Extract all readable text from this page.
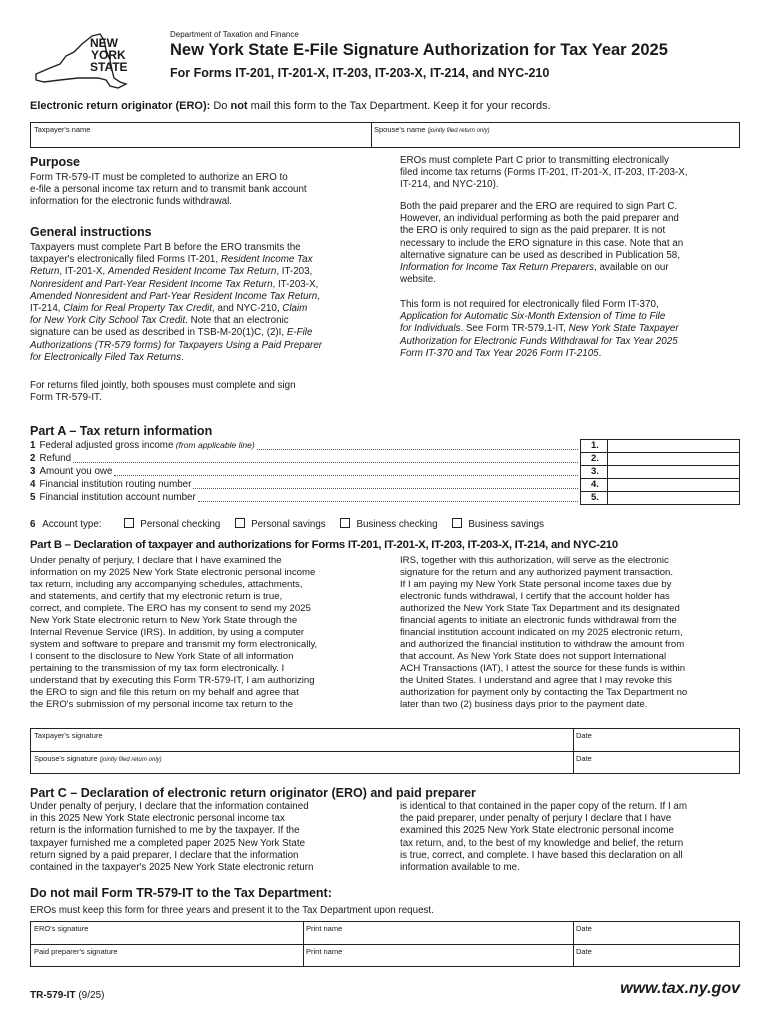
NEW
YORK
STATE
Department of Taxation and Finance
New York State E-File Signature Authorization for Tax Year 2025
For Forms IT-201, IT-201-X, IT-203, IT-203-X, IT-214, and NYC-210
Electronic return originator (ERO): Do not mail this form to the Tax Department. Keep it for your records.
Taxpayer's name	Spouse's name (jointly filed return only)
Purpose
Form TR-579-IT must be completed to authorize an ERO to
e-file a personal income tax return and to transmit bank account
information for the electronic funds withdrawal.
General instructions
Taxpayers must complete Part B before the ERO transmits the
taxpayer's electronically filed Forms IT-201, Resident Income Tax
Return, IT-201-X, Amended Resident Income Tax Return, IT-203,
Nonresident and Part-Year Resident Income Tax Return, IT-203-X,
Amended Nonresident and Part-Year Resident Income Tax Return,
IT-214, Claim for Real Property Tax Credit, and NYC-210, Claim
for New York City School Tax Credit. Note that an electronic
signature can be used as described in TSB-M-20(1)C, (2)I, E-File
Authorizations (TR-579 forms) for Taxpayers Using a Paid Preparer
for Electronically Filed Tax Returns.
For returns filed jointly, both spouses must complete and sign
Form TR-579-IT.
EROs must complete Part C prior to transmitting electronically
filed income tax returns (Forms IT-201, IT-201-X, IT-203, IT-203-X,
IT-214, and NYC-210).
Both the paid preparer and the ERO are required to sign Part C.
However, an individual performing as both the paid preparer and
the ERO is only required to sign as the paid preparer. It is not
necessary to include the ERO signature in this case. Note that an
alternative signature can be used as described in Publication 58,
Information for Income Tax Return Preparers, available on our
website.
This form is not required for electronically filed Form IT-370,
Application for Automatic Six-Month Extension of Time to File
for Individuals. See Form TR-579.1-IT, New York State Taxpayer
Authorization for Electronic Funds Withdrawal for Tax Year 2025
Form IT-370 and Tax Year 2026 Form IT-2105.
Part A – Tax return information
1 Federal adjusted gross income (from applicable line)	1.
2 Refund	2.
3 Amount you owe	3.
4 Financial institution routing number	4.
5 Financial institution account number	5.
6 Account type:	Personal checking	Personal savings	Business checking	Business savings
Part B – Declaration of taxpayer and authorizations for Forms IT-201, IT-201-X, IT-203, IT-203-X, IT-214, and NYC-210
Under penalty of perjury, I declare that I have examined the
information on my 2025 New York State electronic personal income
tax return, including any accompanying schedules, attachments,
and statements, and certify that my electronic return is true,
correct, and complete. The ERO has my consent to send my 2025
New York State electronic return to New York State through the
Internal Revenue Service (IRS). In addition, by using a computer
system and software to prepare and transmit my form electronically,
I consent to the disclosure to New York State of all information
pertaining to the transmission of my tax form electronically. I
understand that by executing this Form TR-579-IT, I am authorizing
the ERO to sign and file this return on my behalf and agree that
the ERO's submission of my personal income tax return to the
IRS, together with this authorization, will serve as the electronic
signature for the return and any authorized payment transaction.
If I am paying my New York State personal income taxes due by
electronic funds withdrawal, I certify that the account holder has
authorized the New York State Tax Department and its designated
financial agents to initiate an electronic funds withdrawal from the
financial institution account indicated on my 2025 electronic return,
and authorized the financial institution to withdraw the amount from
that account. As New York State does not support International
ACH Transactions (IAT), I attest the source for these funds is within
the United States. I understand and agree that I may revoke this
authorization for payment only by contacting the Tax Department no
later than two (2) business days prior to the payment date.
Taxpayer's signature	Date
Spouse's signature (jointly filed return only)	Date
Part C – Declaration of electronic return originator (ERO) and paid preparer
Under penalty of perjury, I declare that the information contained
in this 2025 New York State electronic personal income tax
return is the information furnished to me by the taxpayer. If the
taxpayer furnished me a completed paper 2025 New York State
return signed by a paid preparer, I declare that the information
contained in the taxpayer's 2025 New York State electronic return
is identical to that contained in the paper copy of the return. If I am
the paid preparer, under penalty of perjury I declare that I have
examined this 2025 New York State electronic personal income
tax return, and, to the best of my knowledge and belief, the return
is true, correct, and complete. I have based this declaration on all
information available to me.
Do not mail Form TR-579-IT to the Tax Department:
EROs must keep this form for three years and present it to the Tax Department upon request.
ERO's signature	Print name	Date
Paid preparer's signature	Print name	Date
TR-579-IT (9/25)	www.tax.ny.gov
